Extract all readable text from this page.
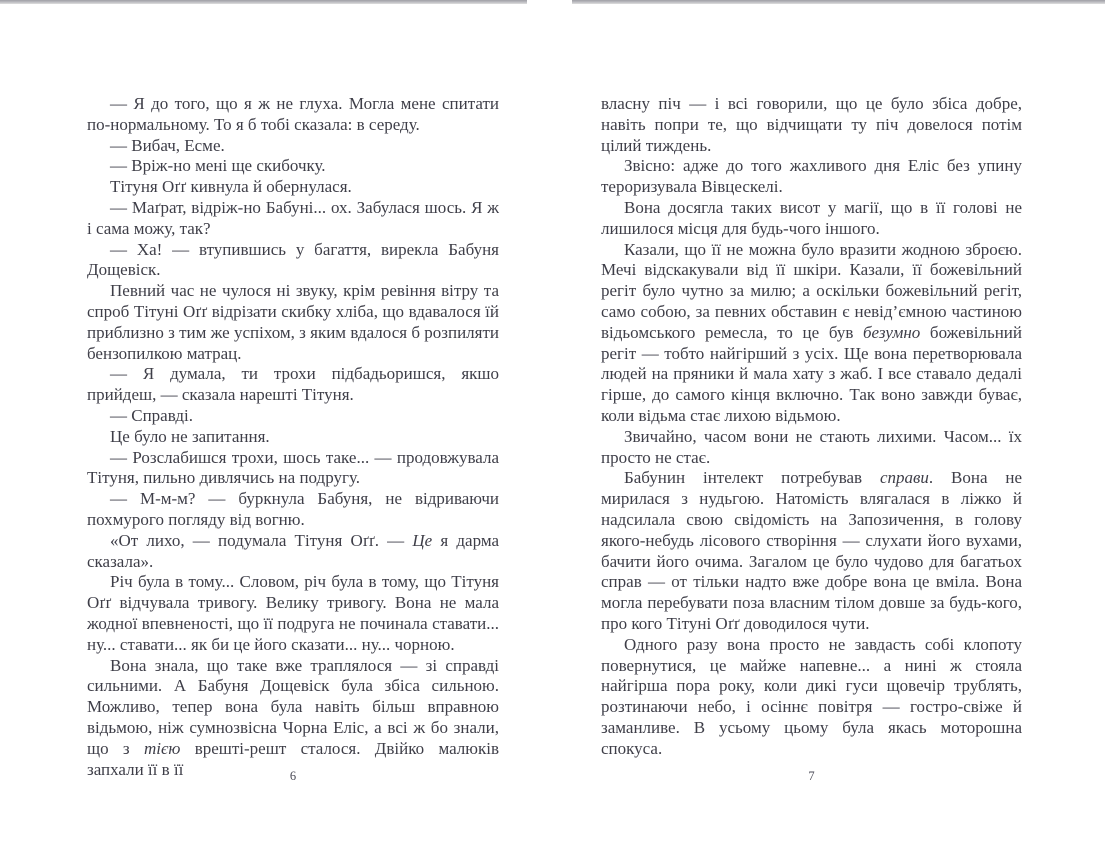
— Я до того, що я ж не глуха. Могла мене спитати по-нормальному. То я б тобі сказала: в середу.

— Вибач, Есме.

— Вріж-но мені ще скибочку.

Тітуня Оґґ кивнула й обернулася.

— Маґрат, відріж-но Бабуні... ох. Забулася шось. Я ж і сама можу, так?

— Ха! — втупившись у багаття, вирекла Бабуня Дощевіск.

Певний час не чулося ні звуку, крім ревіння вітру та спроб Тітуні Оґґ відрізати скибку хліба, що вдавалося їй приблизно з тим же успіхом, з яким вдалося б розпиляти бензопилкою матрац.

— Я думала, ти трохи підбадьоришся, якшо прийдеш, — сказала нарешті Тітуня.

— Справді.

Це було не запитання.

— Розслабишся трохи, шось таке... — продовжувала Тітуня, пильно дивлячись на подругу.

— М-м-м? — буркнула Бабуня, не відриваючи похмурого погляду від вогню.

«От лихо, — подумала Тітуня Оґґ. — Це я дарма сказала».

Річ була в тому... Словом, річ була в тому, що Тітуня Оґґ відчувала тривогу. Велику тривогу. Вона не мала жодної впевненості, що її подруга не починала ставати... ну... ставати... як би це його сказати... ну... чорною.

Вона знала, що таке вже траплялося — зі справді сильними. А Бабуня Дощевіск була збіса сильною. Можливо, тепер вона була навіть більш вправною відьмою, ніж сумнозвісна Чорна Еліс, а всі ж бо знали, що з тією врешті-решт сталося. Двійко малюків запхали її в її

власну піч — і всі говорили, що це було збіса добре, навіть попри те, що відчищати ту піч довелося потім цілий тиждень.

Звісно: адже до того жахливого дня Еліс без упину тероризувала Вівцескелі.

Вона досягла таких висот у магії, що в її голові не лишилося місця для будь-чого іншого.

Казали, що її не можна було вразити жодною зброєю. Мечі відскакували від її шкіри. Казали, її божевільний регіт було чутно за милю; а оскільки божевільний регіт, само собою, за певних обставин є невід’ємною частиною відьомського ремесла, то це був безумно божевільний регіт — тобто найгірший з усіх. Ще вона перетворювала людей на пряники й мала хату з жаб. І все ставало дедалі гірше, до самого кінця включно. Так воно завжди буває, коли відьма стає лихою відьмою.

Звичайно, часом вони не стають лихими. Часом... їх просто не стає.

Бабунин інтелект потребував справи. Вона не мирилася з нудьгою. Натомість влягалася в ліжко й надсилала свою свідомість на Запозичення, в голову якого-небудь лісового створіння — слухати його вухами, бачити його очима. Загалом це було чудово для багатьох справ — от тільки надто вже добре вона це вміла. Вона могла перебувати поза власним тілом довше за будь-кого, про кого Тітуні Оґґ доводилося чути.

Одного разу вона просто не завдасть собі клопоту повернутися, це майже напевне... а нині ж стояла найгірша пора року, коли дикі гуси щовечір трублять, розтинаючи небо, і осіннє повітря — гостро-свіже й заманливе. В усьому цьому була якась моторошна спокуса.

6	7
